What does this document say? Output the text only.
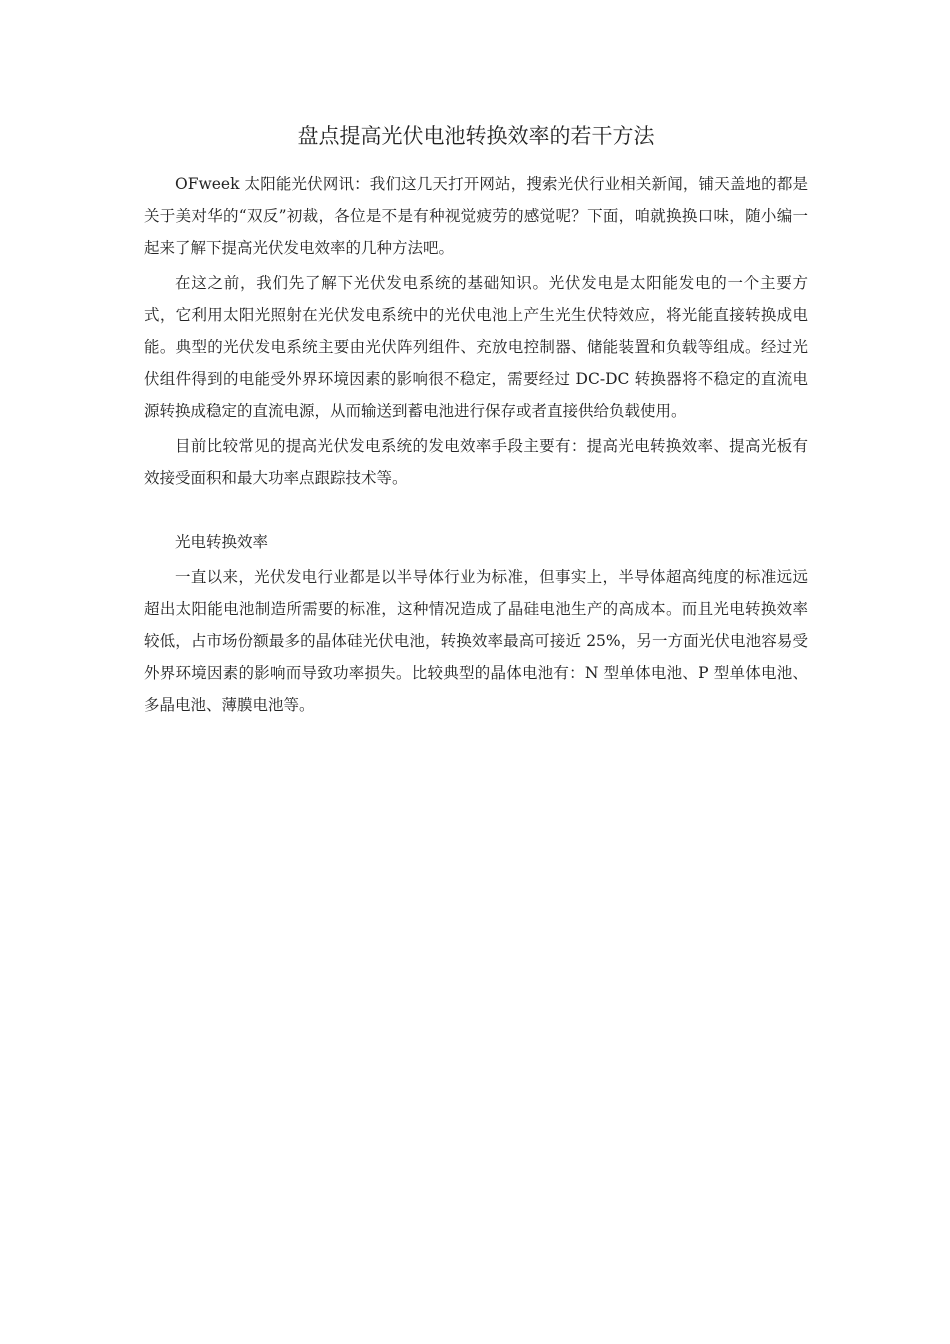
盘点提高光伏电池转换效率的若干方法

OFweek 太阳能光伏网讯：我们这几天打开网站，搜索光伏行业相关新闻，铺天盖地的都是关于美对华的“双反”初裁，各位是不是有种视觉疲劳的感觉呢？下面，咱就换换口味，随小编一起来了解下提高光伏发电效率的几种方法吧。

在这之前，我们先了解下光伏发电系统的基础知识。光伏发电是太阳能发电的一个主要方式，它利用太阳光照射在光伏发电系统中的光伏电池上产生光生伏特效应，将光能直接转换成电能。典型的光伏发电系统主要由光伏阵列组件、充放电控制器、储能装置和负载等组成。经过光伏组件得到的电能受外界环境因素的影响很不稳定，需要经过 DC-DC 转换器将不稳定的直流电源转换成稳定的直流电源，从而输送到蓄电池进行保存或者直接供给负载使用。

目前比较常见的提高光伏发电系统的发电效率手段主要有：提高光电转换效率、提高光板有效接受面积和最大功率点跟踪技术等。

光电转换效率

一直以来，光伏发电行业都是以半导体行业为标准，但事实上，半导体超高纯度的标准远远超出太阳能电池制造所需要的标准，这种情况造成了晶硅电池生产的高成本。而且光电转换效率较低，占市场份额最多的晶体硅光伏电池，转换效率最高可接近 25%，另一方面光伏电池容易受外界环境因素的影响而导致功率损失。比较典型的晶体电池有：N 型单体电池、P 型单体电池、多晶电池、薄膜电池等。
